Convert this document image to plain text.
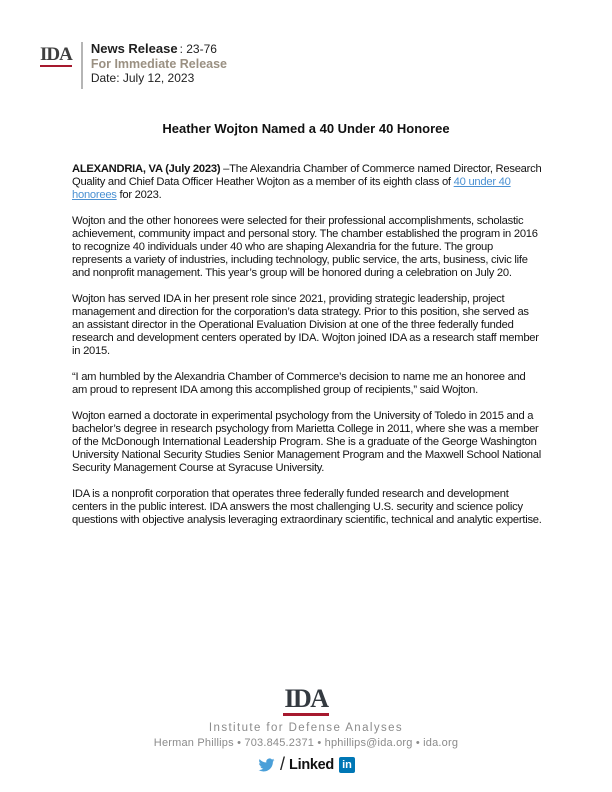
IDA News Release : 23-76
For Immediate Release
Date: July 12, 2023
Heather Wojton Named a 40 Under 40 Honoree

ALEXANDRIA, VA (July 2023) –The Alexandria Chamber of Commerce named Director, Research Quality and Chief Data Officer Heather Wojton as a member of its eighth class of 40 under 40 honorees for 2023.

Wojton and the other honorees were selected for their professional accomplishments, scholastic achievement, community impact and personal story. The chamber established the program in 2016 to recognize 40 individuals under 40 who are shaping Alexandria for the future. The group represents a variety of industries, including technology, public service, the arts, business, civic life and nonprofit management. This year’s group will be honored during a celebration on July 20.

Wojton has served IDA in her present role since 2021, providing strategic leadership, project management and direction for the corporation’s data strategy. Prior to this position, she served as an assistant director in the Operational Evaluation Division at one of the three federally funded research and development centers operated by IDA. Wojton joined IDA as a research staff member in 2015.

“I am humbled by the Alexandria Chamber of Commerce’s decision to name me an honoree and am proud to represent IDA among this accomplished group of recipients,” said Wojton.

Wojton earned a doctorate in experimental psychology from the University of Toledo in 2015 and a bachelor’s degree in research psychology from Marietta College in 2011, where she was a member of the McDonough International Leadership Program. She is a graduate of the George Washington University National Security Studies Senior Management Program and the Maxwell School National Security Management Course at Syracuse University.

IDA is a nonprofit corporation that operates three federally funded research and development centers in the public interest. IDA answers the most challenging U.S. security and science policy questions with objective analysis leveraging extraordinary scientific, technical and analytic expertise.

IDA
Institute for Defense Analyses
Herman Phillips • 703.845.2371 • hphillips@ida.org • ida.org
/ Linked in
